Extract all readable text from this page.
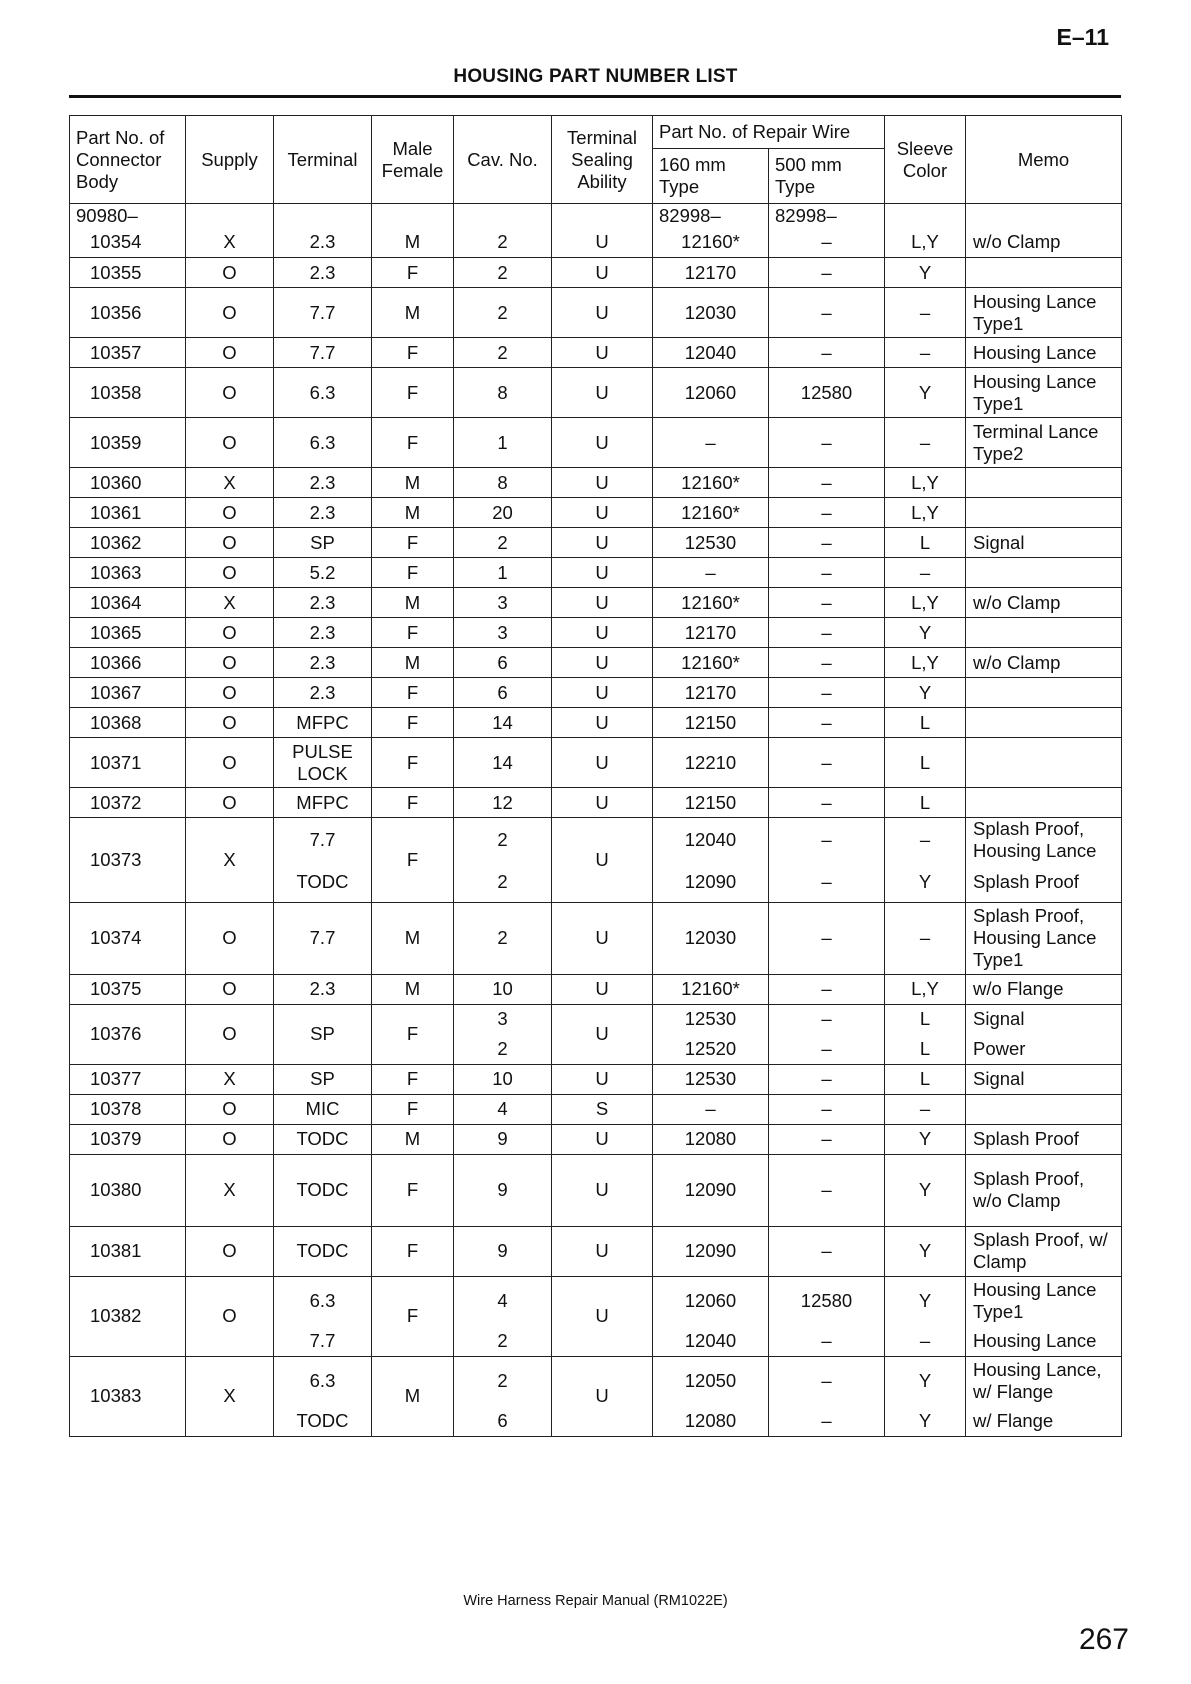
E–11
HOUSING PART NUMBER LIST
Part No. of Connector Body	Supply	Terminal	Male Female	Cav. No.	Terminal Sealing Ability	Part No. of Repair Wire		Sleeve Color	Memo
						160 mm Type	500 mm Type		
90980–						82998–	82998–		
10354	X	2.3	M	2	U	12160*	–	L,Y	w/o Clamp
10355	O	2.3	F	2	U	12170	–	Y	
10356	O	7.7	M	2	U	12030	–	–	Housing Lance Type1
10357	O	7.7	F	2	U	12040	–	–	Housing Lance
10358	O	6.3	F	8	U	12060	12580	Y	Housing Lance Type1
10359	O	6.3	F	1	U	–	–	–	Terminal Lance Type2
10360	X	2.3	M	8	U	12160*	–	L,Y	
10361	O	2.3	M	20	U	12160*	–	L,Y	
10362	O	SP	F	2	U	12530	–	L	Signal
10363	O	5.2	F	1	U	–	–	–	
10364	X	2.3	M	3	U	12160*	–	L,Y	w/o Clamp
10365	O	2.3	F	3	U	12170	–	Y	
10366	O	2.3	M	6	U	12160*	–	L,Y	w/o Clamp
10367	O	2.3	F	6	U	12170	–	Y	
10368	O	MFPC	F	14	U	12150	–	L	
10371	O	PULSE LOCK	F	14	U	12210	–	L	
10372	O	MFPC	F	12	U	12150	–	L	
10373	X	7.7	F	2	U	12040	–	–	Splash Proof, Housing Lance
		TODC		2		12090	–	Y	Splash Proof
10374	O	7.7	M	2	U	12030	–	–	Splash Proof, Housing Lance Type1
10375	O	2.3	M	10	U	12160*	–	L,Y	w/o Flange
10376	O	SP	F	3	U	12530	–	L	Signal
				2		12520	–	L	Power
10377	X	SP	F	10	U	12530	–	L	Signal
10378	O	MIC	F	4	S	–	–	–	
10379	O	TODC	M	9	U	12080	–	Y	Splash Proof
10380	X	TODC	F	9	U	12090	–	Y	Splash Proof, w/o Clamp
10381	O	TODC	F	9	U	12090	–	Y	Splash Proof, w/ Clamp
10382	O	6.3	F	4	U	12060	12580	Y	Housing Lance Type1
		7.7		2		12040	–	–	Housing Lance
10383	X	6.3	M	2	U	12050	–	Y	Housing Lance, w/ Flange
		TODC		6		12080	–	Y	w/ Flange
Wire Harness Repair Manual (RM1022E)
267
